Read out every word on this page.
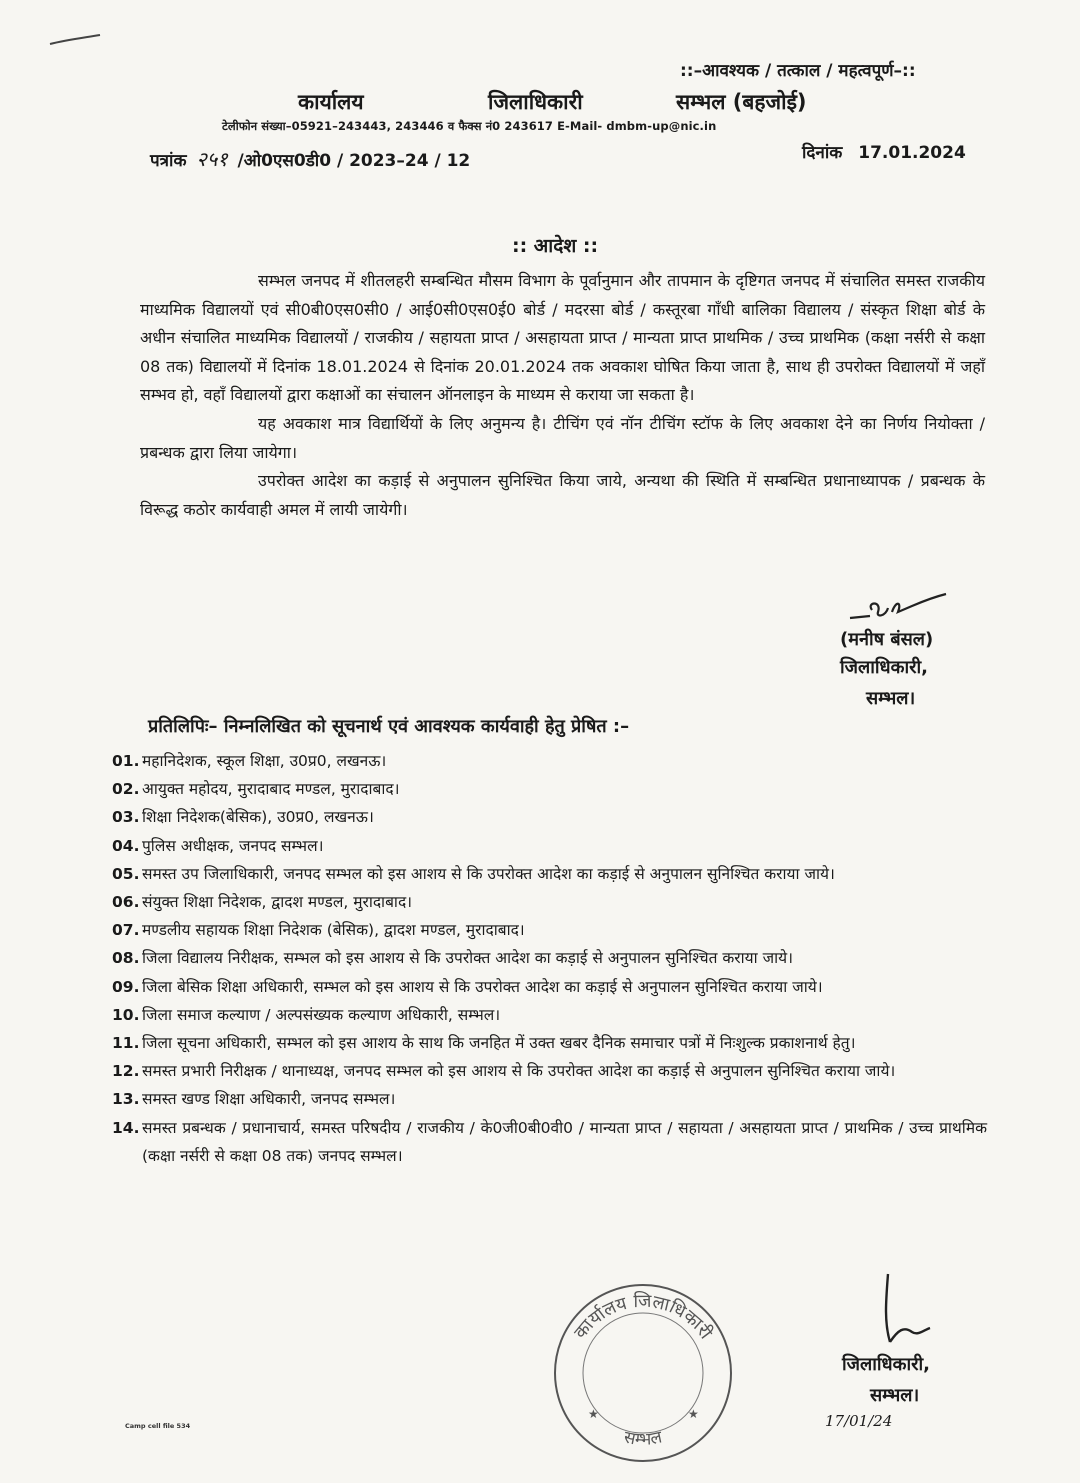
::–आवश्यक / तत्काल / महत्वपूर्ण–::
कार्यालय	जिलाधिकारी	सम्भल (बहजोई)
टेलीफोन संख्या–05921–243443, 243446 व फैक्स नं0 243617 E-Mail- dmbm-up@nic.in
पत्रांक २५१ /ओ0एस0डी0 / 2023–24 / 12	दिनांक 17.01.2024
:: आदेश ::

सम्भल जनपद में शीतलहरी सम्बन्धित मौसम विभाग के पूर्वानुमान और तापमान के दृष्टिगत जनपद में संचालित समस्त राजकीय माध्यमिक विद्यालयों एवं सी0बी0एस0सी0 / आई0सी0एस0ई0 बोर्ड / मदरसा बोर्ड / कस्तूरबा गाँधी बालिका विद्यालय / संस्कृत शिक्षा बोर्ड के अधीन संचालित माध्यमिक विद्यालयों / राजकीय / सहायता प्राप्त / असहायता प्राप्त / मान्यता प्राप्त प्राथमिक / उच्च प्राथमिक (कक्षा नर्सरी से कक्षा 08 तक) विद्यालयों में दिनांक 18.01.2024 से दिनांक 20.01.2024 तक अवकाश घोषित किया जाता है, साथ ही उपरोक्त विद्यालयों में जहाँ सम्भव हो, वहाँ विद्यालयों द्वारा कक्षाओं का संचालन ऑनलाइन के माध्यम से कराया जा सकता है।

यह अवकाश मात्र विद्यार्थियों के लिए अनुमन्य है। टीचिंग एवं नॉन टीचिंग स्टॉफ के लिए अवकाश देने का निर्णय नियोक्ता / प्रबन्धक द्वारा लिया जायेगा।

उपरोक्त आदेश का कड़ाई से अनुपालन सुनिश्चित किया जाये, अन्यथा की स्थिति में सम्बन्धित प्रधानाध्यापक / प्रबन्धक के विरूद्ध कठोर कार्यवाही अमल में लायी जायेगी।

(मनीष बंसल)
जिलाधिकारी,
सम्भल।
प्रतिलिपिः– निम्नलिखित को सूचनार्थ एवं आवश्यक कार्यवाही हेतु प्रेषित :–
01. महानिदेशक, स्कूल शिक्षा, उ0प्र0, लखनऊ।
02. आयुक्त महोदय, मुरादाबाद मण्डल, मुरादाबाद।
03. शिक्षा निदेशक(बेसिक), उ0प्र0, लखनऊ।
04. पुलिस अधीक्षक, जनपद सम्भल।
05. समस्त उप जिलाधिकारी, जनपद सम्भल को इस आशय से कि उपरोक्त आदेश का कड़ाई से अनुपालन सुनिश्चित कराया जाये।
06. संयुक्त शिक्षा निदेशक, द्वादश मण्डल, मुरादाबाद।
07. मण्डलीय सहायक शिक्षा निदेशक (बेसिक), द्वादश मण्डल, मुरादाबाद।
08. जिला विद्यालय निरीक्षक, सम्भल को इस आशय से कि उपरोक्त आदेश का कड़ाई से अनुपालन सुनिश्चित कराया जाये।
09. जिला बेसिक शिक्षा अधिकारी, सम्भल को इस आशय से कि उपरोक्त आदेश का कड़ाई से अनुपालन सुनिश्चित कराया जाये।
10. जिला समाज कल्याण / अल्पसंख्यक कल्याण अधिकारी, सम्भल।
11. जिला सूचना अधिकारी, सम्भल को इस आशय के साथ कि जनहित में उक्त खबर दैनिक समाचार पत्रों में निःशुल्क प्रकाशनार्थ हेतु।
12. समस्त प्रभारी निरीक्षक / थानाध्यक्ष, जनपद सम्भल को इस आशय से कि उपरोक्त आदेश का कड़ाई से अनुपालन सुनिश्चित कराया जाये।
13. समस्त खण्ड शिक्षा अधिकारी, जनपद सम्भल।
14. समस्त प्रबन्धक / प्रधानाचार्य, समस्त परिषदीय / राजकीय / के0जी0बी0वी0 / मान्यता प्राप्त / सहायता / असहायता प्राप्त / प्राथमिक / उच्च प्राथमिक (कक्षा नर्सरी से कक्षा 08 तक) जनपद सम्भल।
कार्यालय जिलाधिकारी
सम्भल
★	★
जिलाधिकारी,
सम्भल।
17/01/24
Camp cell file 534
